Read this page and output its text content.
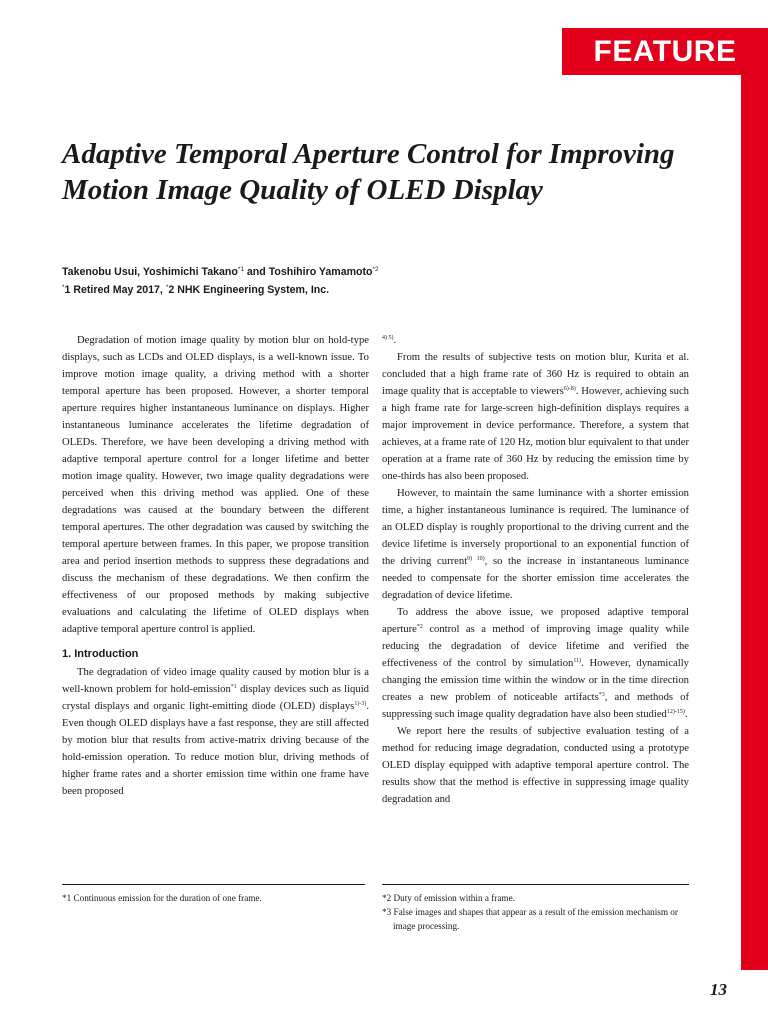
FEATURE
Adaptive Temporal Aperture Control for Improving Motion Image Quality of OLED Display
Takenobu Usui, Yoshimichi Takano$^{*1}$ and Toshihiro Yamamoto$^{*2}$
*1 Retired May 2017, *2 NHK Engineering System, Inc.

Degradation of motion image quality by motion blur on hold-type displays, such as LCDs and OLED displays, is a well-known issue. To improve motion image quality, a driving method with a shorter temporal aperture has been proposed. However, a shorter temporal aperture requires higher instantaneous luminance on displays. Higher instantaneous luminance accelerates the lifetime degradation of OLEDs. Therefore, we have been developing a driving method with adaptive temporal aperture control for a longer lifetime and better motion image quality. However, two image quality degradations were perceived when this driving method was applied. One of these degradations was caused at the boundary between the different temporal apertures. The other degradation was caused by switching the temporal aperture between frames. In this paper, we propose transition area and period insertion methods to suppress these degradations and discuss the mechanism of these degradations. We then confirm the effectiveness of our proposed methods by making subjective evaluations and calculating the lifetime of OLED displays when adaptive temporal aperture control is applied.

1. Introduction

The degradation of video image quality caused by motion blur is a well-known problem for hold-emission$^{*1}$ display devices such as liquid crystal displays and organic light-emitting diode (OLED) displays$^{1)-3)}$. Even though OLED displays have a fast response, they are still affected by motion blur that results from active-matrix driving because of the hold-emission operation. To reduce motion blur, driving methods of higher frame rates and a shorter emission time within one frame have been proposed

$^{4) 5)}$.

From the results of subjective tests on motion blur, Kurita et al. concluded that a high frame rate of 360 Hz is required to obtain an image quality that is acceptable to viewers$^{6)-8)}$. However, achieving such a high frame rate for large-screen high-definition displays requires a major improvement in device performance. Therefore, a system that achieves, at a frame rate of 120 Hz, motion blur equivalent to that under operation at a frame rate of 360 Hz by reducing the emission time by one-thirds has also been proposed.

However, to maintain the same luminance with a shorter emission time, a higher instantaneous luminance is required. The luminance of an OLED display is roughly proportional to the driving current and the device lifetime is inversely proportional to an exponential function of the driving current$^{9) 10)}$, so the increase in instantaneous luminance needed to compensate for the shorter emission time accelerates the degradation of device lifetime.

To address the above issue, we proposed adaptive temporal aperture$^{*2}$ control as a method of improving image quality while reducing the degradation of device lifetime and verified the effectiveness of the control by simulation$^{11)}$. However, dynamically changing the emission time within the window or in the time direction creates a new problem of noticeable artifacts$^{*3}$, and methods of suppressing such image quality degradation have also been studied$^{12)-15)}$.

We report here the results of subjective evaluation testing of a method for reducing image degradation, conducted using a prototype OLED display equipped with adaptive temporal aperture control. The results show that the method is effective in suppressing image quality degradation and

*1 Continuous emission for the duration of one frame.	*2 Duty of emission within a frame.
*3 False images and shapes that appear as a result of the emission mechanism or image processing.
13
